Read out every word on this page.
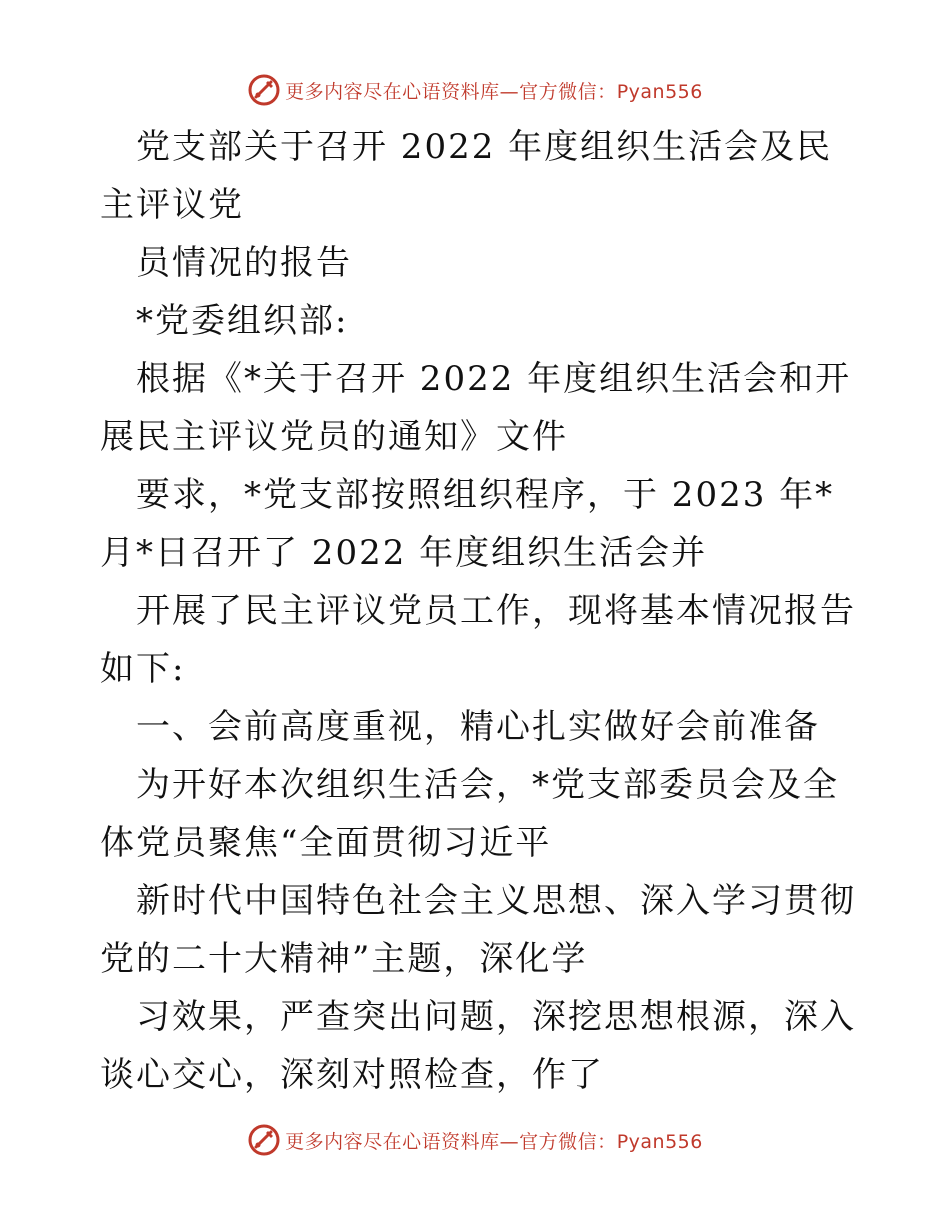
更多内容尽在心语资料库—官方微信：Pyan556

党支部关于召开 2022 年度组织生活会及民主评议党

员情况的报告

*党委组织部:

根据《*关于召开 2022 年度组织生活会和开展民主评议党员的通知》文件

要求，*党支部按照组织程序，于 2023 年*月*日召开了 2022 年度组织生活会并

开展了民主评议党员工作，现将基本情况报告如下:

一、会前高度重视，精心扎实做好会前准备

为开好本次组织生活会，*党支部委员会及全体党员聚焦“全面贯彻习近平

新时代中国特色社会主义思想、深入学习贯彻党的二十大精神”主题，深化学

习效果，严查突出问题，深挖思想根源，深入谈心交心，深刻对照检查，作了

更多内容尽在心语资料库—官方微信：Pyan556
